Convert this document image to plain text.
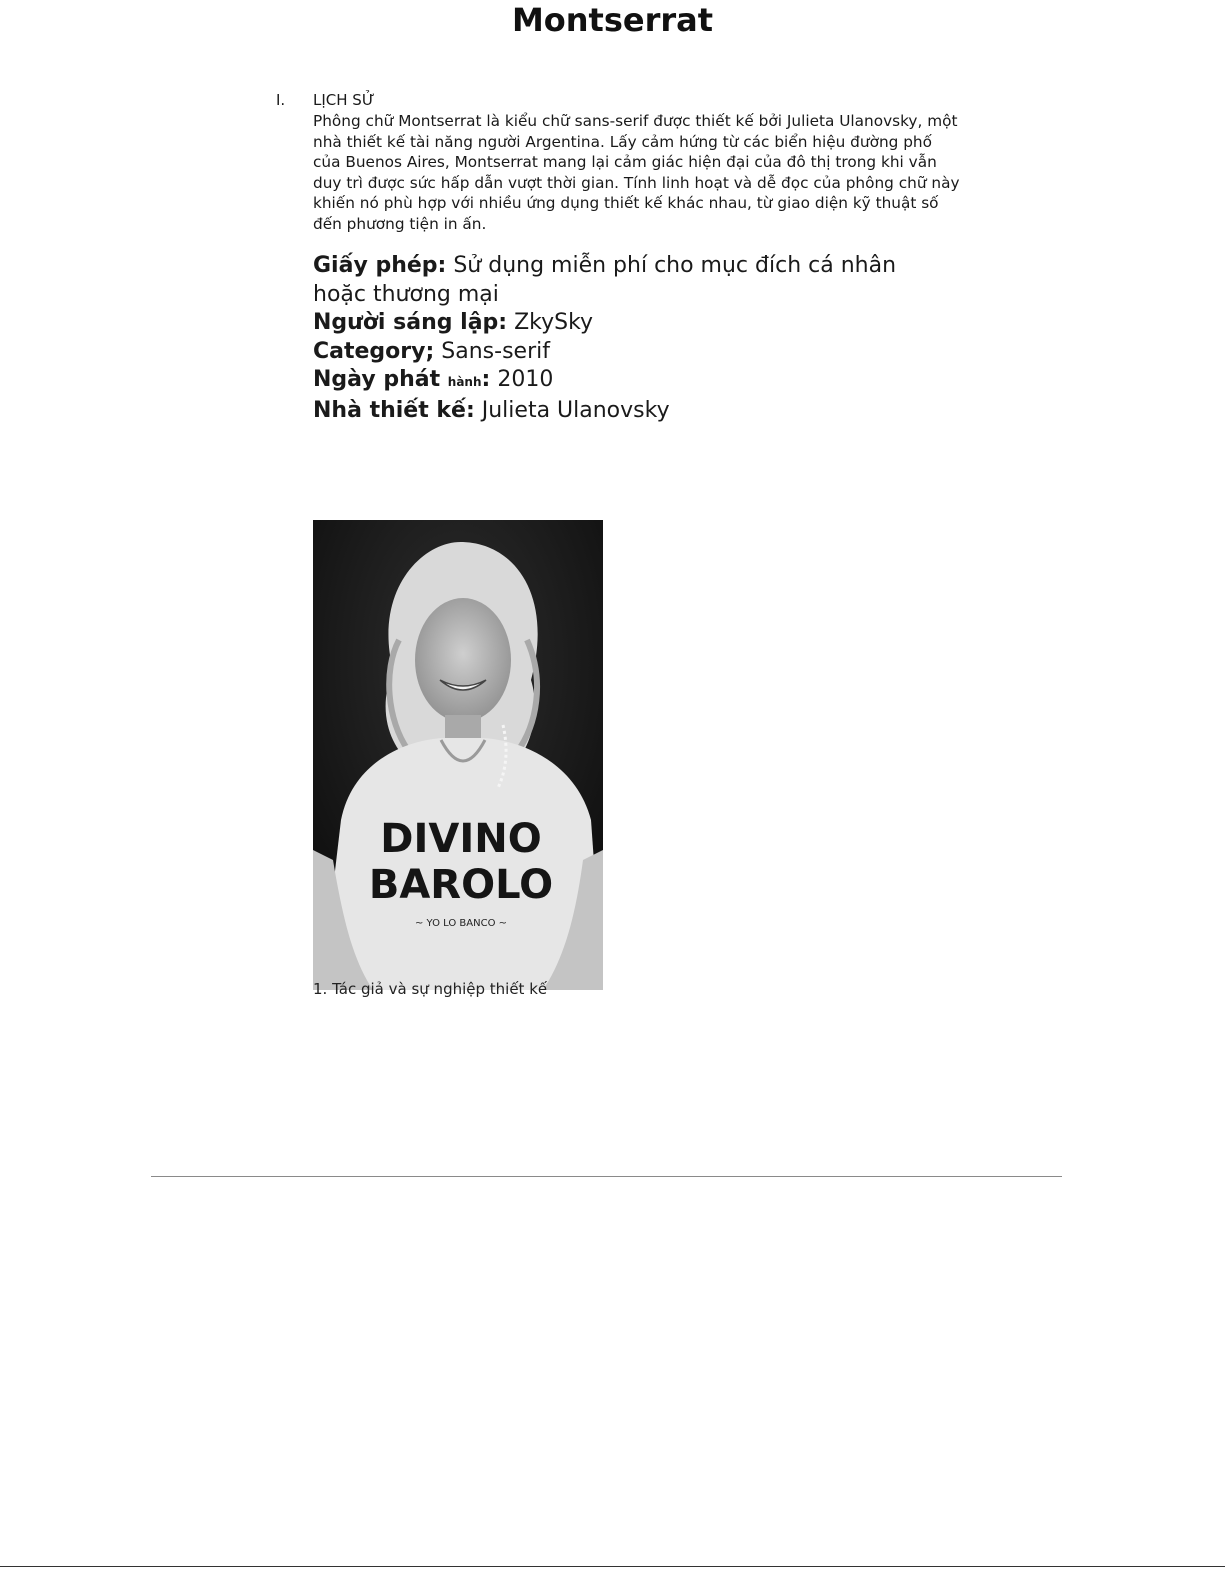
Montserrat
I. LỊCH SỬ
Phông chữ Montserrat là kiểu chữ sans-serif được thiết kế bởi Julieta Ulanovsky, một nhà thiết kế tài năng người Argentina. Lấy cảm hứng từ các biển hiệu đường phố của Buenos Aires, Montserrat mang lại cảm giác hiện đại của đô thị trong khi vẫn duy trì được sức hấp dẫn vượt thời gian. Tính linh hoạt và dễ đọc của phông chữ này khiến nó phù hợp với nhiều ứng dụng thiết kế khác nhau, từ giao diện kỹ thuật số đến phương tiện in ấn.

Giấy phép: Sử dụng miễn phí cho mục đích cá nhân hoặc thương mại

Người sáng lập: ZkySky

Category; Sans-serif

Ngày phát hành: 2010

Nhà thiết kế: Julieta Ulanovsky

DIVINO
BAROLO
~ YO LO BANCO ~
1. Tác giả và sự nghiệp thiết kế
